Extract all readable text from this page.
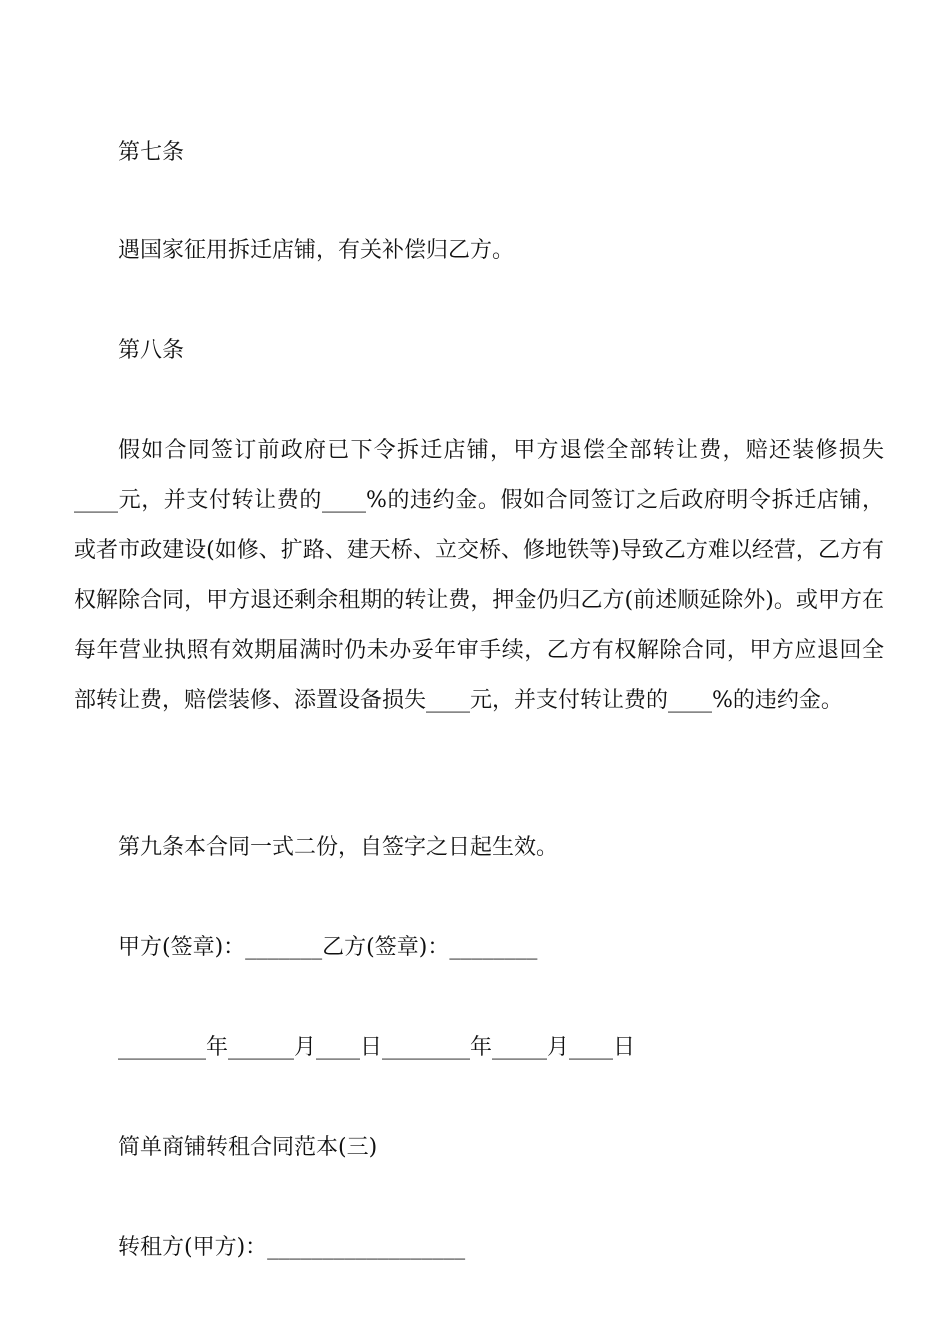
第七条
遇国家征用拆迁店铺，有关补偿归乙方。
第八条
假如合同签订前政府已下令拆迁店铺，甲方退偿全部转让费，赔还装修损失____元，并支付转让费的____%的违约金。假如合同签订之后政府明令拆迁店铺，或者市政建设(如修、扩路、建天桥、立交桥、修地铁等)导致乙方难以经营，乙方有权解除合同，甲方退还剩余租期的转让费，押金仍归乙方(前述顺延除外)。或甲方在每年营业执照有效期届满时仍未办妥年审手续，乙方有权解除合同，甲方应退回全部转让费，赔偿装修、添置设备损失____元，并支付转让费的____%的违约金。
第九条本合同一式二份，自签字之日起生效。
甲方(签章)：_______乙方(签章)：________
________年______月____日________年_____月____日
简单商铺转租合同范本(三)
转租方(甲方)：__________________
